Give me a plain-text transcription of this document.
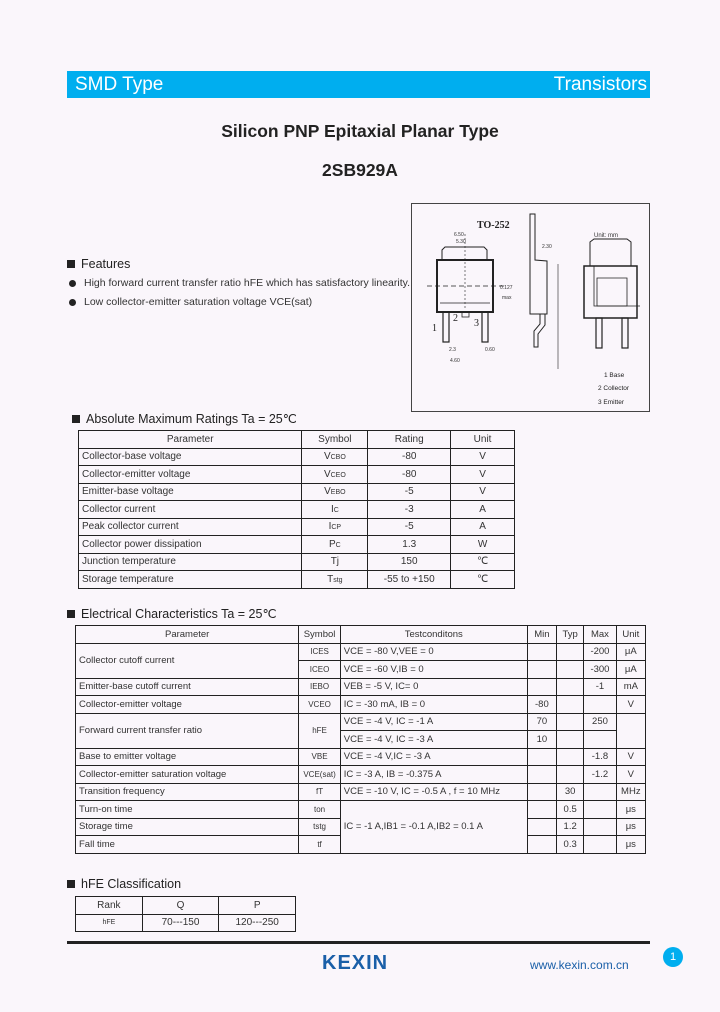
SMD Type	Transistors
Silicon PNP Epitaxial Planar Type
2SB929A
Features
High forward current transfer ratio hFE which has satisfactory linearity.
Low collector-emitter saturation voltage VCE(sat)
TO-252
Unit: mm
1
2 3
6.50
5.30
4.60
2.3	0.60
0.127
max
2.30
1 Base
2 Collector
3 Emitter
Absolute Maximum Ratings Ta = 25℃
Parameter	Symbol	Rating	Unit
Collector-base voltage	VCBO	-80	V
Collector-emitter voltage	VCEO	-80	V
Emitter-base voltage	VEBO	-5	V
Collector current	IC	-3	A
Peak collector current	ICP	-5	A
Collector power dissipation	PC	1.3	W
Junction temperature	Tj	150	℃
Storage temperature	Tstg	-55 to +150	℃
Electrical Characteristics Ta = 25℃
Parameter	Symbol	Testconditons	Min	Typ	Max	Unit
Collector cutoff current	ICES	VCE = -80 V,VEE = 0			-200	μA
	ICEO	VCE = -60 V,IB = 0			-300	μA
Emitter-base cutoff current	IEBO	VEB = -5 V, IC= 0			-1	mA
Collector-emitter voltage	VCEO	IC = -30 mA, IB = 0	-80			V
Forward current transfer ratio	hFE	VCE = -4 V, IC = -1 A	70		250	
		VCE = -4 V, IC = -3 A	10			
Base to emitter voltage	VBE	VCE = -4 V,IC = -3 A			-1.8	V
Collector-emitter saturation voltage	VCE(sat)	IC = -3 A, IB = -0.375 A			-1.2	V
Transition frequency	fT	VCE = -10 V, IC = -0.5 A , f = 10 MHz		30		MHz
Turn-on time	ton	IC = -1 A,IB1 = -0.1 A,IB2 = 0.1 A		0.5		μs
Storage time	tstg			1.2		μs
Fall time	tf			0.3		μs
hFE Classification
Rank	Q	P
hFE	70---150	120---250
KEXIN	www.kexin.com.cn
1
